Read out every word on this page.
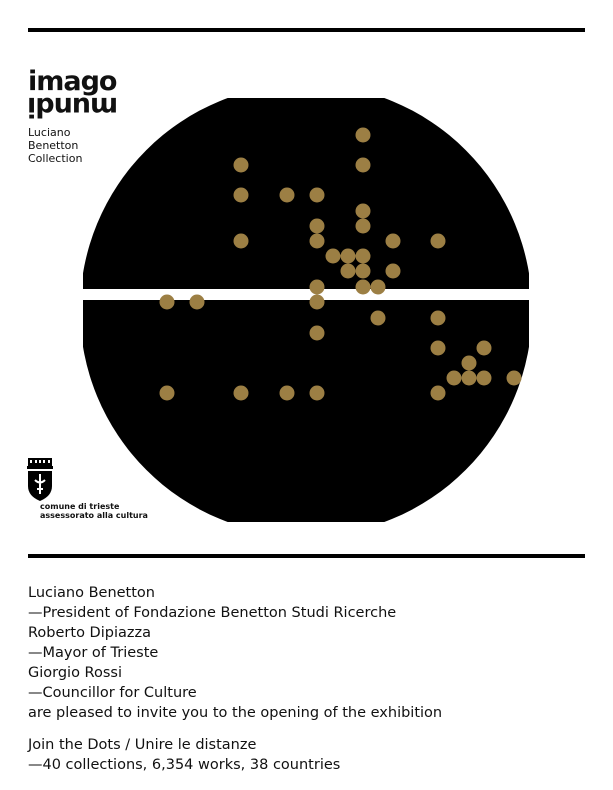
imago
mundi
Luciano
Benetton
Collection
comune di trieste
assessorato alla cultura
Luciano Benetton
—President of Fondazione Benetton Studi Ricerche
Roberto Dipiazza
—Mayor of Trieste
Giorgio Rossi
—Councillor for Culture
are pleased to invite you to the opening of the exhibition
Join the Dots / Unire le distanze
—40 collections, 6,354 works, 38 countries
